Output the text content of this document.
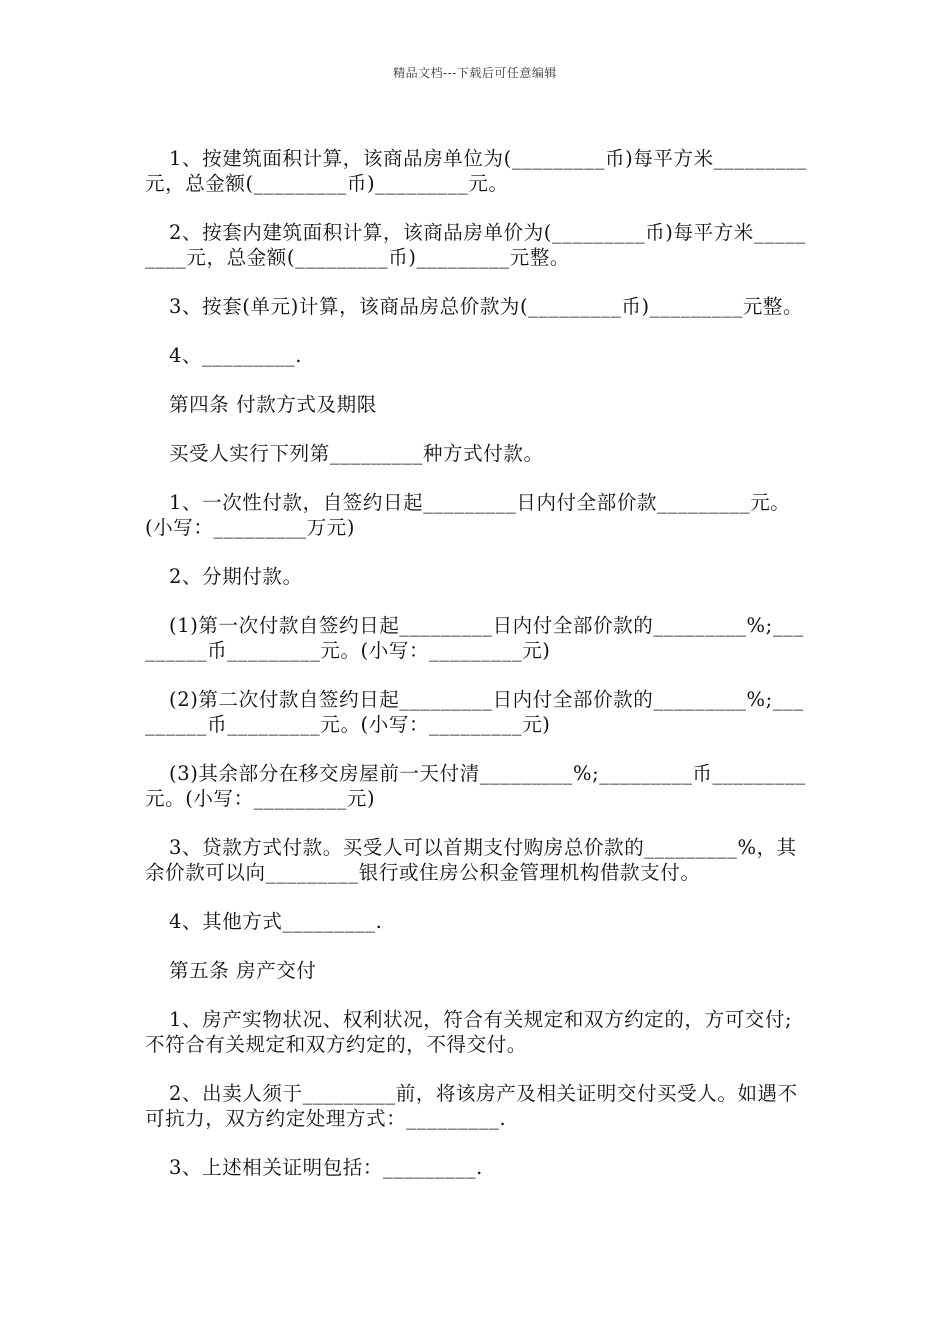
精品文档---下载后可任意编辑

1、按建筑面积计算，该商品房单位为(_________币)每平方米_________元，总金额(_________币)_________元。

2、按套内建筑面积计算，该商品房单价为(_________币)每平方米_________元，总金额(_________币)_________元整。

3、按套(单元)计算，该商品房总价款为(_________币)_________元整。

4、_________.

第四条 付款方式及期限

买受人实行下列第_________种方式付款。

1、一次性付款，自签约日起_________日内付全部价款_________元。(小写：_________万元)

2、分期付款。

(1)第一次付款自签约日起_________日内付全部价款的_________%;_________币_________元。(小写：_________元)

(2)第二次付款自签约日起_________日内付全部价款的_________%;_________币_________元。(小写：_________元)

(3)其余部分在移交房屋前一天付清_________%;_________币_________元。(小写：_________元)

3、贷款方式付款。买受人可以首期支付购房总价款的_________%，其余价款可以向_________银行或住房公积金管理机构借款支付。

4、其他方式_________.

第五条 房产交付

1、房产实物状况、权利状况，符合有关规定和双方约定的，方可交付;不符合有关规定和双方约定的，不得交付。

2、出卖人须于_________前，将该房产及相关证明交付买受人。如遇不可抗力，双方约定处理方式：_________.

3、上述相关证明包括：_________.
